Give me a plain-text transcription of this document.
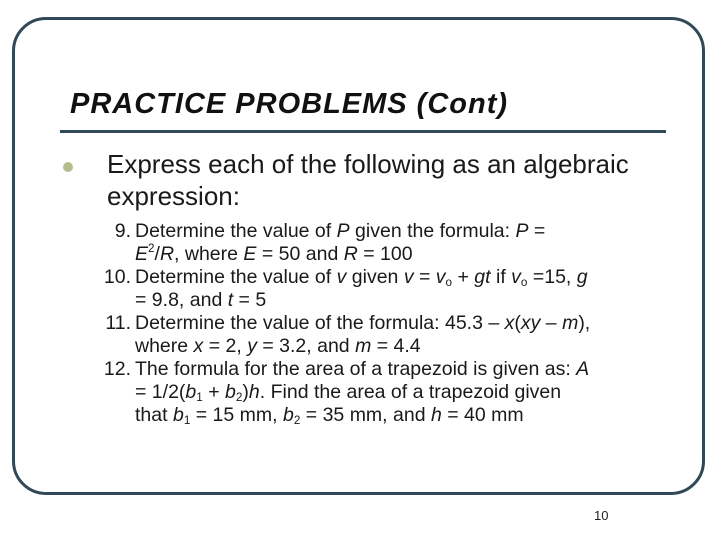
PRACTICE PROBLEMS (Cont)

Express each of the following as an algebraic expression:

9. Determine the value of P given the formula: P =
$E^2/R$, where E = 50 and R = 100
10. Determine the value of v given $v = v_o$ + gt if $v_o =15$, g
= 9.8, and t = 5
11. Determine the value of the formula: 45.3 – x(xy – m),
where x = 2, y = 3.2, and m = 4.4
12. The formula for the area of a trapezoid is given as: A
= $1/2(b_1 + b_2)h$. Find the area of a trapezoid given
that $b_1 = 15$ mm, $b_2 = 35$ mm, and h = 40 mm
10
